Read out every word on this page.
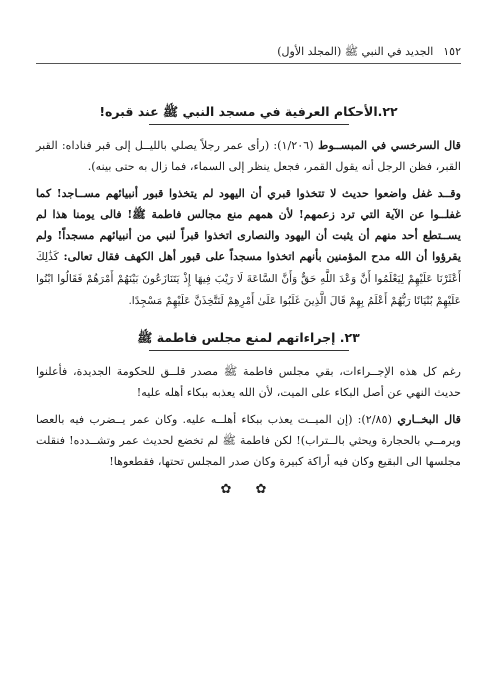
١٥٢
الجديد في النبي ﷺ (المجلد الأول)
٢٢.الأحكام العرفية في مسجد النبي ﷺ عند قبره!

قال السرخسي في المبســوط (١/٢٠٦): (رأى عمر رجلاً يصلي بالليــل إلى قبر فناداه: القبر القبر، فظن الرجل أنه يقول القمر، فجعل ينظر إلى السماء، فما زال به حتى بينه).

وقــد غفل واضعوا حديث لا تتخذوا قبري أن اليهود لم يتخذوا قبور أنبيائهم مســاجد! كما غفلــوا عن الآية التي ترد زعمهم! لأن همهم منع مجالس فاطمة ﷺ! فالى يومنا هذا لم يســتطع أحد منهم أن يثبت أن اليهود والنصارى اتخذوا قبراً لنبي من أنبيائهم مسجداً! ولم يقرؤوا أن الله مدح المؤمنين بأنهم اتخذوا مسجداً على قبور أهل الكهف فقال تعالى: كَذَٰلِكَ أَعْثَرْنَا عَلَيْهِمْ لِيَعْلَمُوا أَنَّ وَعْدَ اللَّهِ حَقٌّ وَأَنَّ السَّاعَةَ لَا رَيْبَ فِيهَا إِذْ يَتَنَازَعُونَ بَيْنَهُمْ أَمْرَهُمْ فَقَالُوا ابْنُوا عَلَيْهِمْ بُنْيَانًا رَبُّهُمْ أَعْلَمُ بِهِمْ قَالَ الَّذِينَ غَلَبُوا عَلَىٰ أَمْرِهِمْ لَنَتَّخِذَنَّ عَلَيْهِمْ مَسْجِدًا.

٢٣. إجراءاتهم لمنع مجلس فاطمة ﷺ

رغم كل هذه الإجــراءات، بقي مجلس فاطمة ﷺ مصدر قلــق للحكومة الجديدة، فأعلنوا حديث النهي عن أصل البكاء على الميت، لأن الله يعذبه ببكاء أهله عليه!

قال البخــاري (٢/٨٥): (إن الميــت يعذب ببكاء أهلــه عليه. وكان عمر يــضرب فيه بالعصا ويرمــي بالحجارة ويحثي بالــتراب)! لكن فاطمة ﷺ لم تخضع لحديث عمر وتشــدده! فنقلت مجلسها الى البقيع وكان فيه أراكة كبيرة وكان صدر المجلس تحتها، فقطعوها!

✿ ✿
